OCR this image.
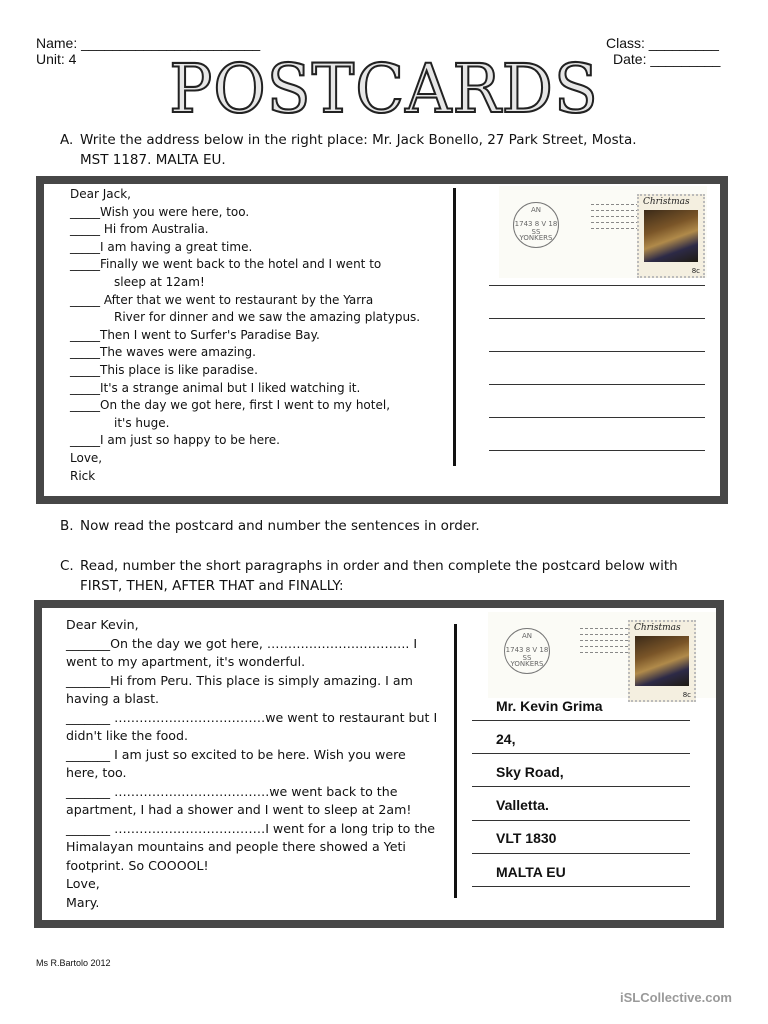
Name: _______________________
Unit: 4
Class: _________
Date: _________
POSTCARDS
A. Write the address below in the right place: Mr. Jack Bonello, 27 Park Street, Mosta.
MST 1187. MALTA EU.
Dear Jack,
_____Wish you were here, too.
_____ Hi from Australia.
_____I am having a great time.
_____Finally we went back to the hotel and I went to
sleep at 12am!
_____ After that we went to restaurant by the Yarra
River for dinner and we saw the amazing platypus.
_____Then I went to Surfer's Paradise Bay.
_____The waves were amazing.
_____This place is like paradise.
_____It's a strange animal but I liked watching it.
_____On the day we got here, first I went to my hotel,
it's huge.
_____I am just so happy to be here.
Love,
Rick
AN
1743 8 V 18 SS
YONKERS
Christmas
8c
B. Now read the postcard and number the sentences in order.
C. Read, number the short paragraphs in order and then complete the postcard below with
FIRST, THEN, AFTER THAT and FINALLY:
Dear Kevin,
_______On the day we got here, ……………………………. I
went to my apartment, it's wonderful.
_______Hi from Peru. This place is simply amazing. I am
having a blast.
_______ ………………………………we went to restaurant but I
didn't like the food.
_______ I am just so excited to be here. Wish you were
here, too.
_______ ……………………………….we went back to the
apartment, I had a shower and I went to sleep at 2am!
_______ ………………………………I went for a long trip to the
Himalayan mountains and people there showed a Yeti
footprint. So COOOOL!
Love,
Mary.
AN
1743 8 V 18 SS
YONKERS
Christmas
8c
Mr. Kevin Grima
24,
Sky Road,
Valletta.
VLT 1830
MALTA EU
Ms R.Bartolo 2012
iSLCollective.com
